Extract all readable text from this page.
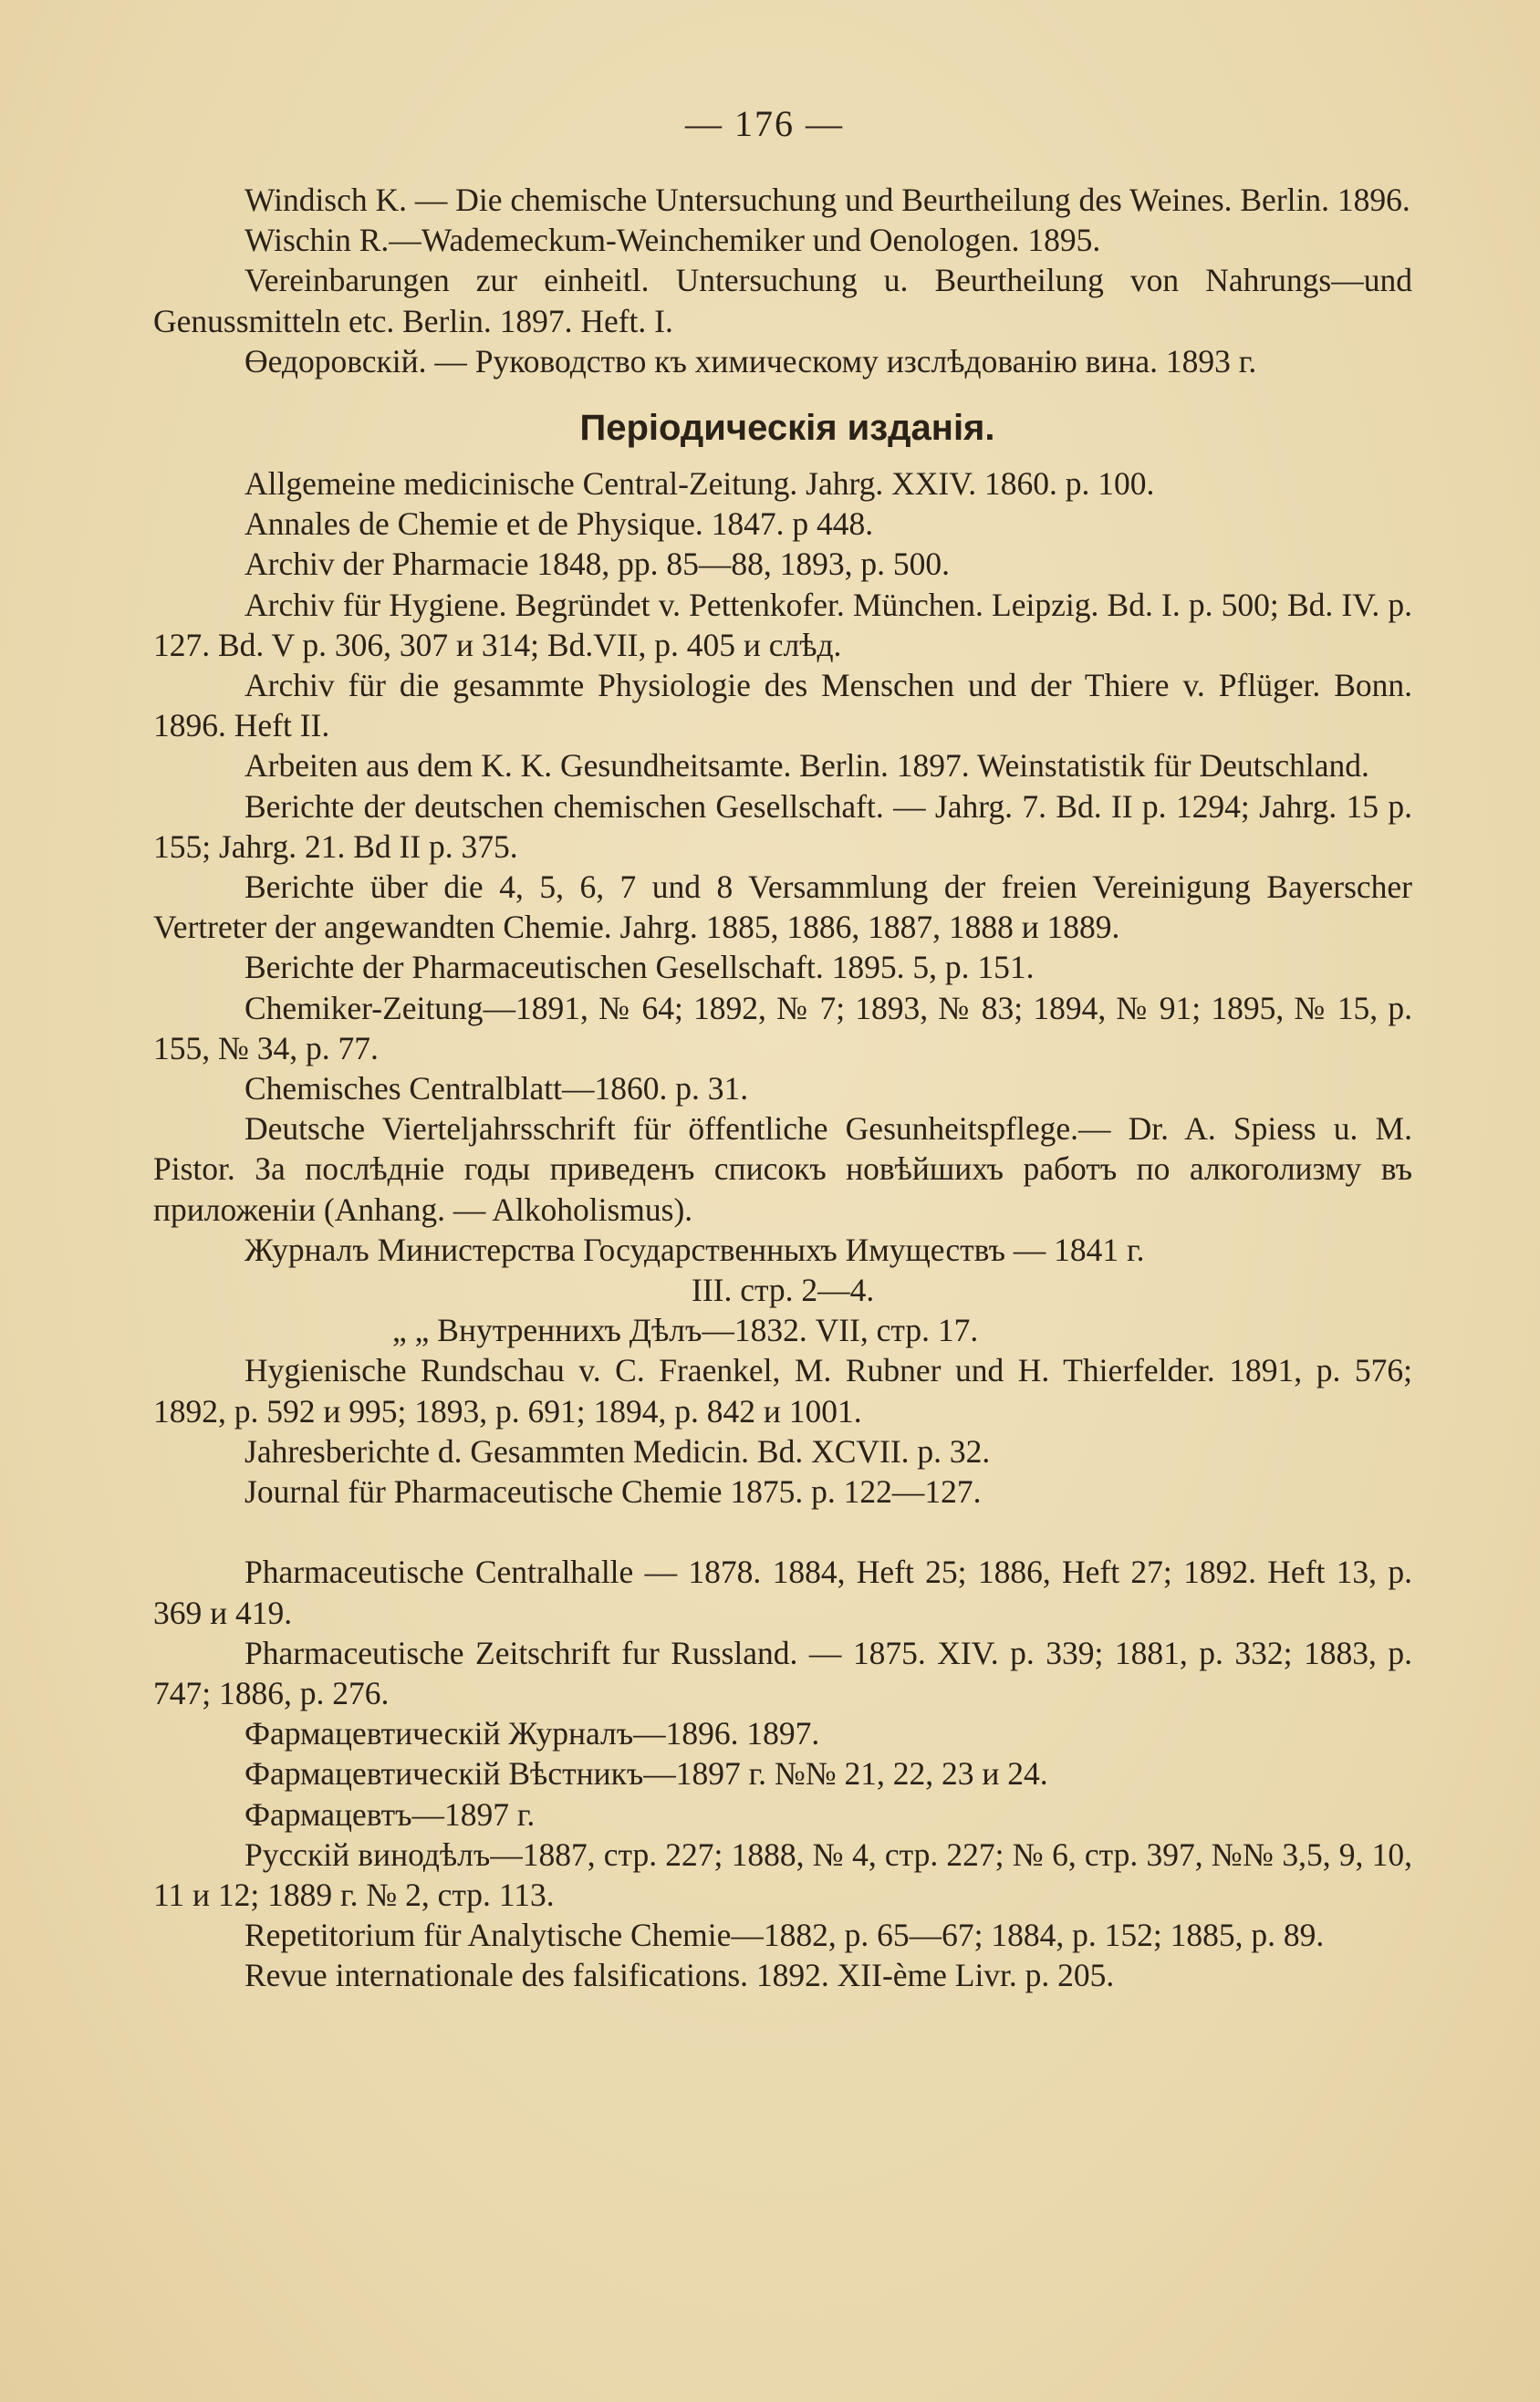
— 176 —

Windisch K. — Die chemische Untersuchung und Beurtheilung des Weines. Berlin. 1896.

Wischin R.—Wademeckum-Weinchemiker und Oenologen. 1895.

Vereinbarungen zur einheitl. Untersuchung u. Beurtheilung von Nahrungs—und Genussmitteln etc. Berlin. 1897. Heft. I.

Өедоровскій. — Руководство къ химическому изслѣдованію вина. 1893 г.

Періодическія изданія.

Allgemeine medicinische Central-Zeitung. Jahrg. XXIV. 1860. p. 100.

Annales de Chemie et de Physique. 1847. p 448.

Archiv der Pharmacie 1848, pp. 85—88, 1893, p. 500.

Archiv für Hygiene. Begründet v. Pettenkofer. München. Leipzig. Bd. I. p. 500; Bd. IV. p. 127. Bd. V p. 306, 307 и 314; Bd.VII, p. 405 и слѣд.

Archiv für die gesammte Physiologie des Menschen und der Thiere v. Pflüger. Bonn. 1896. Heft II.

Arbeiten aus dem K. K. Gesundheitsamte. Berlin. 1897. Weinstatistik für Deutschland.

Berichte der deutschen chemischen Gesellschaft. — Jahrg. 7. Bd. II p. 1294; Jahrg. 15 p. 155; Jahrg. 21. Bd II p. 375.

Berichte über die 4, 5, 6, 7 und 8 Versammlung der freien Vereinigung Bayerscher Vertreter der angewandten Chemie. Jahrg. 1885, 1886, 1887, 1888 и 1889.

Berichte der Pharmaceutischen Gesellschaft. 1895. 5, p. 151.

Chemiker-Zeitung—1891, № 64; 1892, № 7; 1893, № 83; 1894, № 91; 1895, № 15, p. 155, № 34, p. 77.

Chemisches Centralblatt—1860. p. 31.

Deutsche Vierteljahrsschrift für öffentliche Gesunheitspflege.— Dr. A. Spiess u. M. Pistor. За послѣдніе годы приведенъ списокъ новѣйшихъ работъ по алкоголизму въ приложенiи (Anhang. — Alkoholismus).

Журналъ Министерства Государственныхъ Имуществъ — 1841 г.

III. стр. 2—4.

„ „ Внутреннихъ Дѣлъ—1832. VII, стр. 17.

Hygienische Rundschau v. C. Fraenkel, M. Rubner und H. Thierfelder. 1891, p. 576; 1892, p. 592 и 995; 1893, p. 691; 1894, p. 842 и 1001.

Jahresberichte d. Gesammten Medicin. Bd. XCVII. p. 32.

Journal für Pharmaceutische Chemie 1875. p. 122—127.

Pharmaceutische Centralhalle — 1878. 1884, Heft 25; 1886, Heft 27; 1892. Heft 13, p. 369 и 419.

Pharmaceutische Zeitschrift fur Russland. — 1875. XIV. p. 339; 1881, p. 332; 1883, p. 747; 1886, p. 276.

Фармацевтическій Журналъ—1896. 1897.

Фармацевтическій Вѣстникъ—1897 г. №№ 21, 22, 23 и 24.

Фармацевтъ—1897 г.

Русскій винодѣлъ—1887, стр. 227; 1888, № 4, стр. 227; № 6, стр. 397, №№ 3,5, 9, 10, 11 и 12; 1889 г. № 2, стр. 113.

Repetitorium für Analytische Chemie—1882, p. 65—67; 1884, p. 152; 1885, p. 89.

Revue internationale des falsifications. 1892. XII-ème Livr. p. 205.
